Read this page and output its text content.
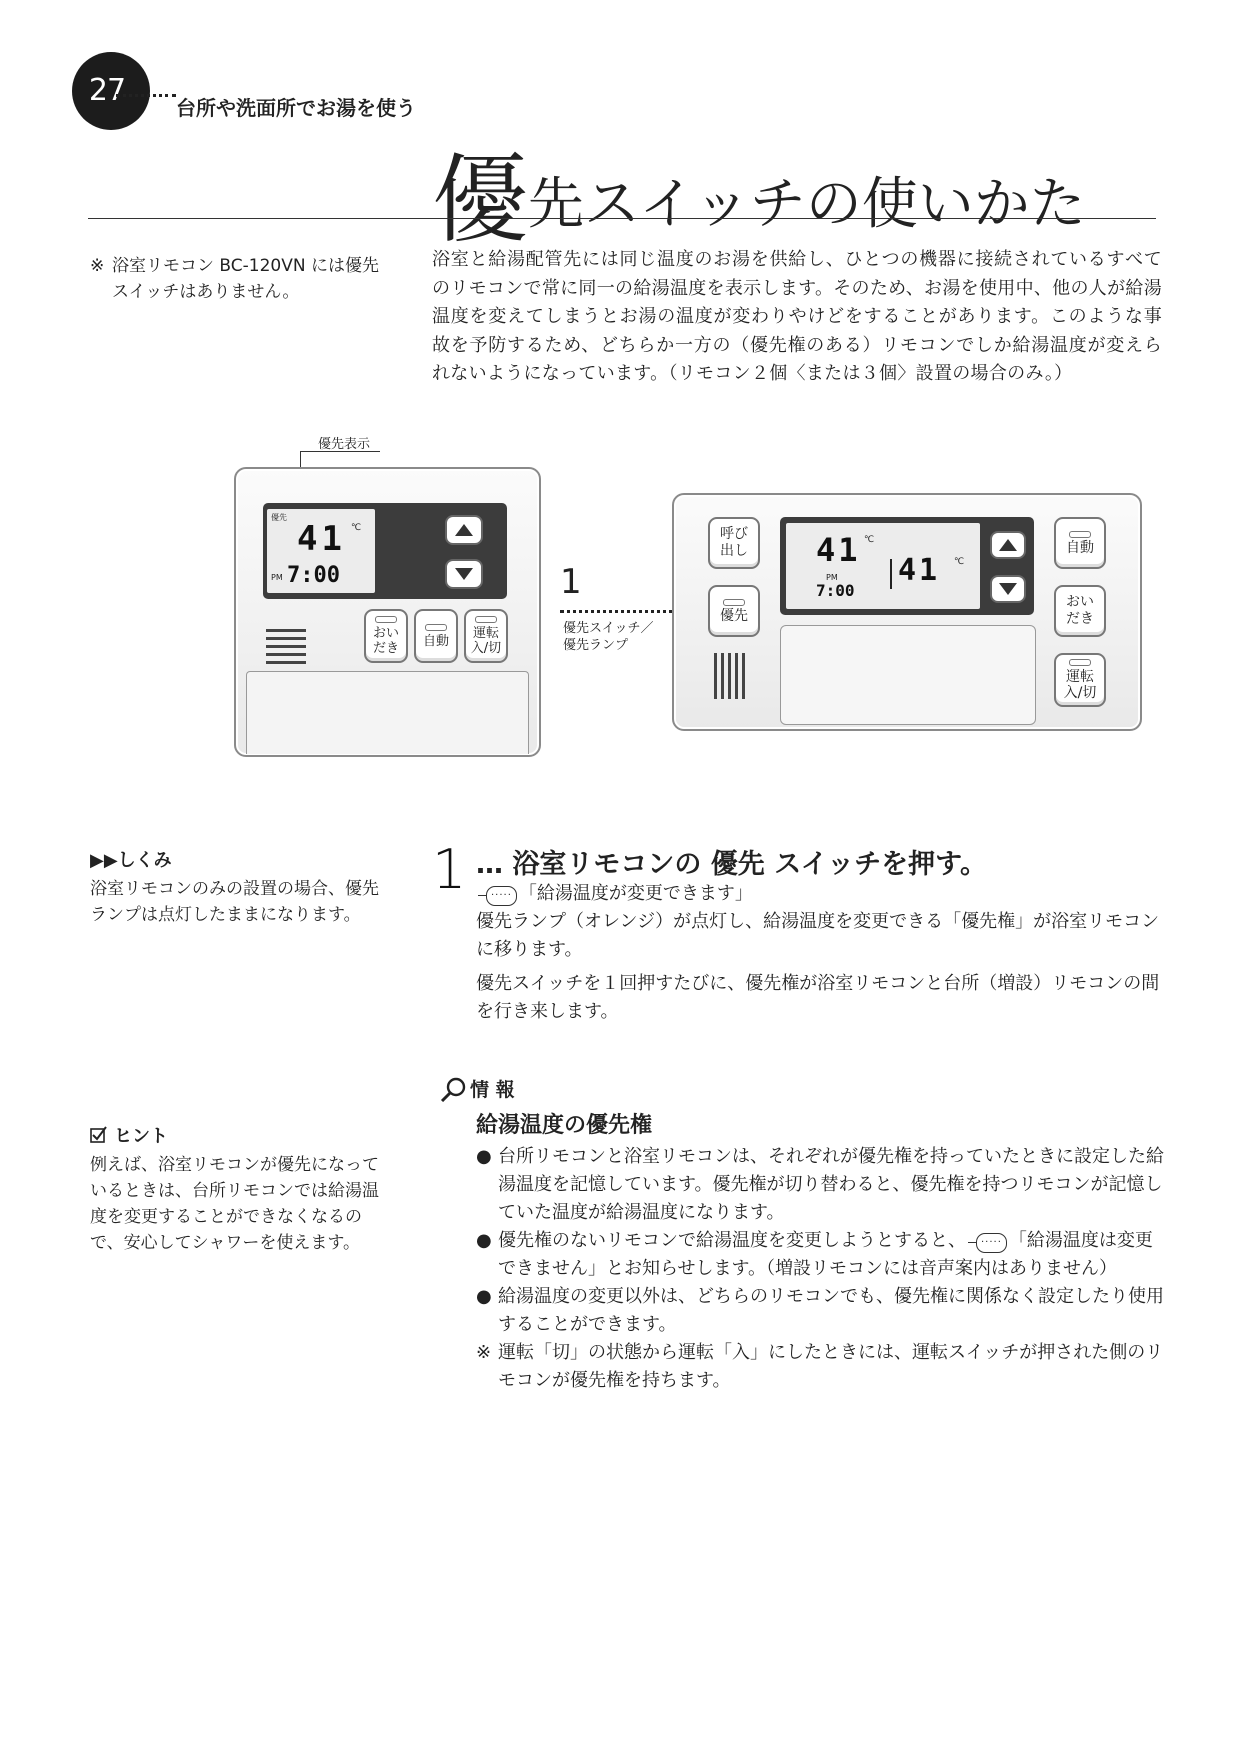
27	台所や洗面所でお湯を使う
優先スイッチの使いかた
※ 浴室リモコン BC-120VN には優先スイッチはありません。
浴室と給湯配管先には同じ温度のお湯を供給し、ひとつの機器に接続されているすべてのリモコンで常に同一の給湯温度を表示します。そのため、お湯を使用中、他の人が給湯温度を変えてしまうとお湯の温度が変わりやけどをすることがあります。このような事故を予防するため、どちらか一方の（優先権のある）リモコンでしか給湯温度が変えられないようになっています。（リモコン２個〈または３個〉設置の場合のみ。）
優先表示
優先
41 ℃
PM 7:00
おい
だき 自動 運転
入/切
1
優先スイッチ／
優先ランプ
呼び
出し
優先
41 ℃
PM
7:00
41 ℃
自動
おい
だき
運転
入/切
▶▶しくみ
浴室リモコンのみの設置の場合、優先ランプは点灯したままになります。
ヒント
例えば、浴室リモコンが優先になっているときは、台所リモコンでは給湯温度を変更することができなくなるので、安心してシャワーを使えます。
1 … 浴室リモコンの 優先 スイッチを押す。
····· 「給湯温度が変更できます」
優先ランプ（オレンジ）が点灯し、給湯温度を変更できる「優先権」が浴室リモコンに移ります。
優先スイッチを１回押すたびに、優先権が浴室リモコンと台所（増設）リモコンの間を行き来します。
情 報
給湯温度の優先権
● 台所リモコンと浴室リモコンは、それぞれが優先権を持っていたときに設定した給湯温度を記憶しています。優先権が切り替わると、優先権を持つリモコンが記憶していた温度が給湯温度になります。
● 優先権のないリモコンで給湯温度を変更しようとすると、 ····· 「給湯温度は変更できません」とお知らせします。（増設リモコンには音声案内はありません）
● 給湯温度の変更以外は、どちらのリモコンでも、優先権に関係なく設定したり使用することができます。
※ 運転「切」の状態から運転「入」にしたときには、運転スイッチが押された側のリモコンが優先権を持ちます。
